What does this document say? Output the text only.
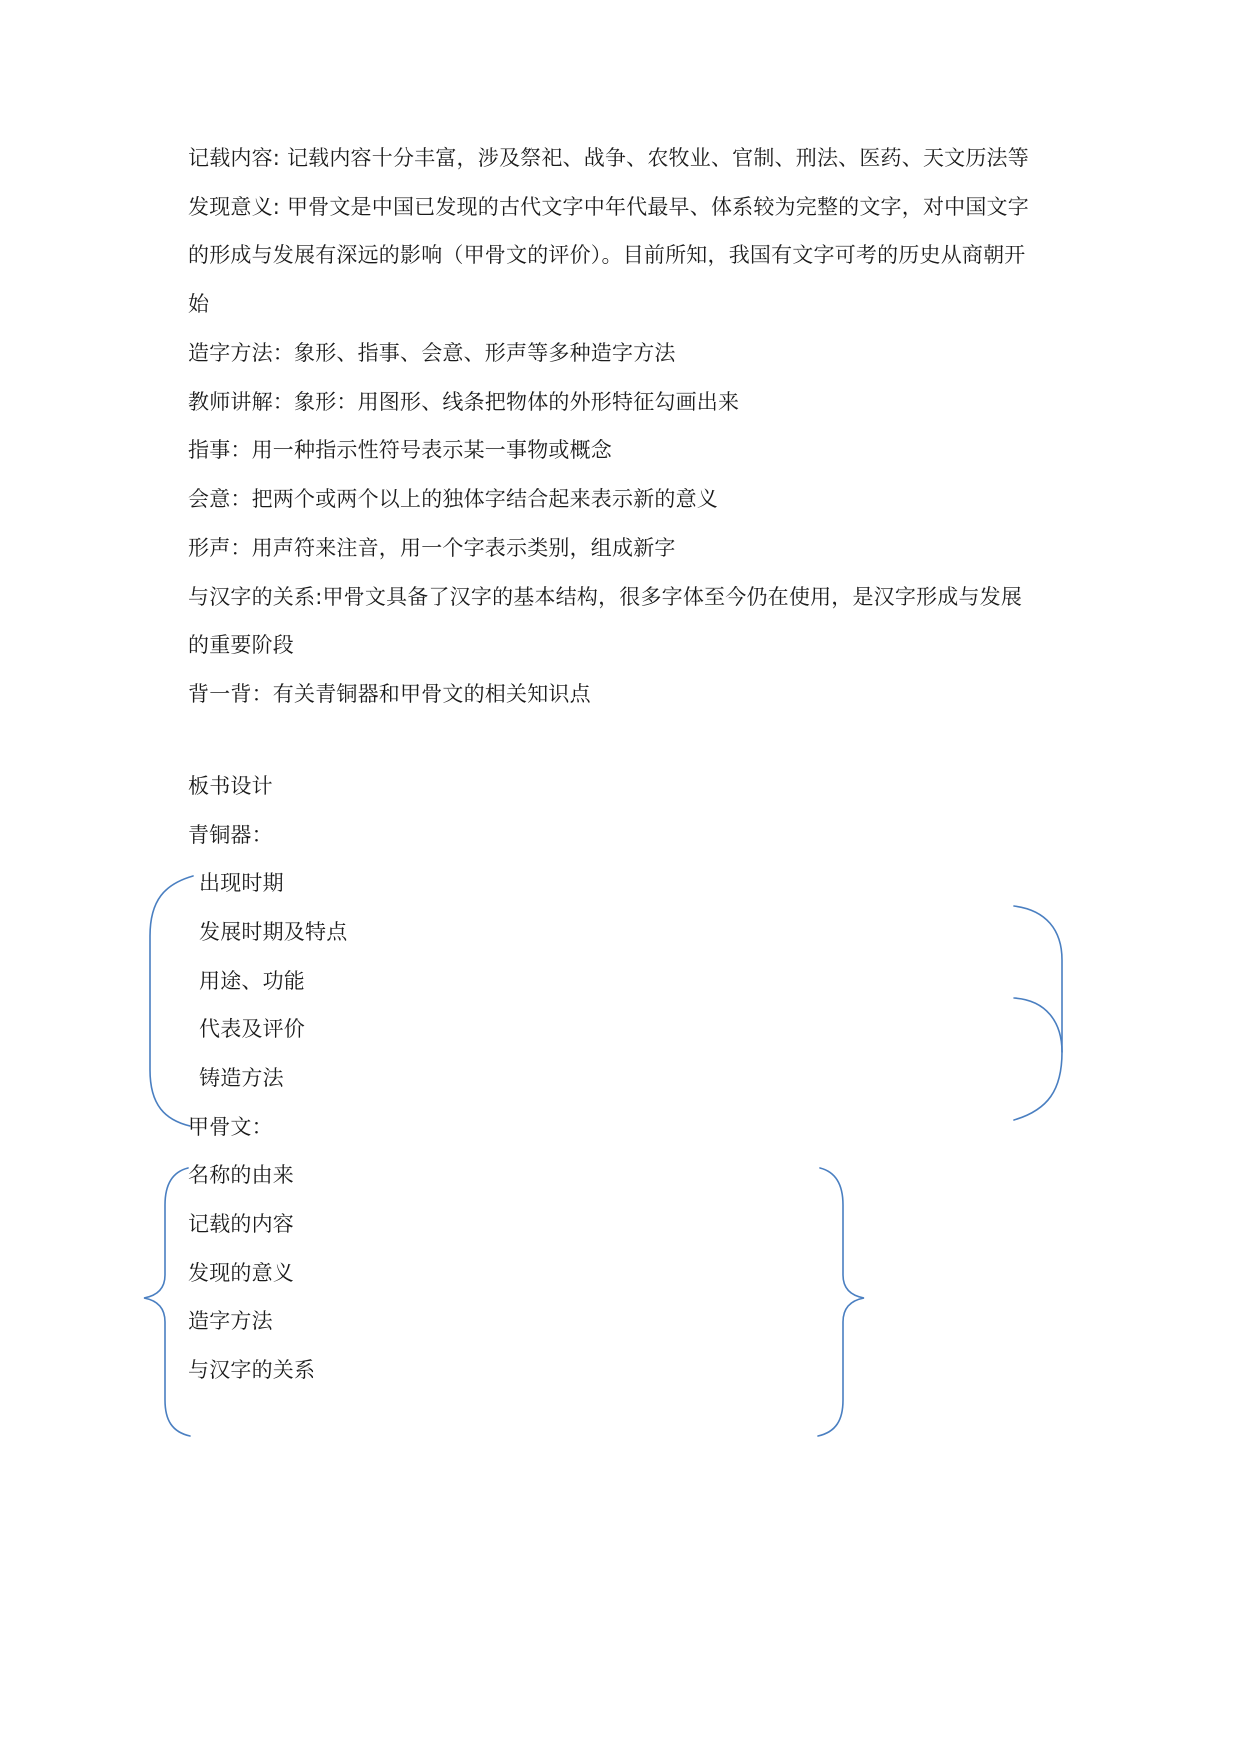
记载内容: 记载内容十分丰富，涉及祭祀、战争、农牧业、官制、刑法、医药、天文历法等
发现意义: 甲骨文是中国已发现的古代文字中年代最早、体系较为完整的文字，对中国文字
的形成与发展有深远的影响（甲骨文的评价）。目前所知，我国有文字可考的历史从商朝开
始
造字方法：象形、指事、会意、形声等多种造字方法
教师讲解：象形：用图形、线条把物体的外形特征勾画出来
指事：用一种指示性符号表示某一事物或概念
会意：把两个或两个以上的独体字结合起来表示新的意义
形声：用声符来注音，用一个字表示类别，组成新字
与汉字的关系:甲骨文具备了汉字的基本结构，很多字体至今仍在使用，是汉字形成与发展
的重要阶段
背一背：有关青铜器和甲骨文的相关知识点
板书设计
青铜器：
出现时期
发展时期及特点
用途、功能
代表及评价
铸造方法
甲骨文：
名称的由来
记载的内容
发现的意义
造字方法
与汉字的关系
